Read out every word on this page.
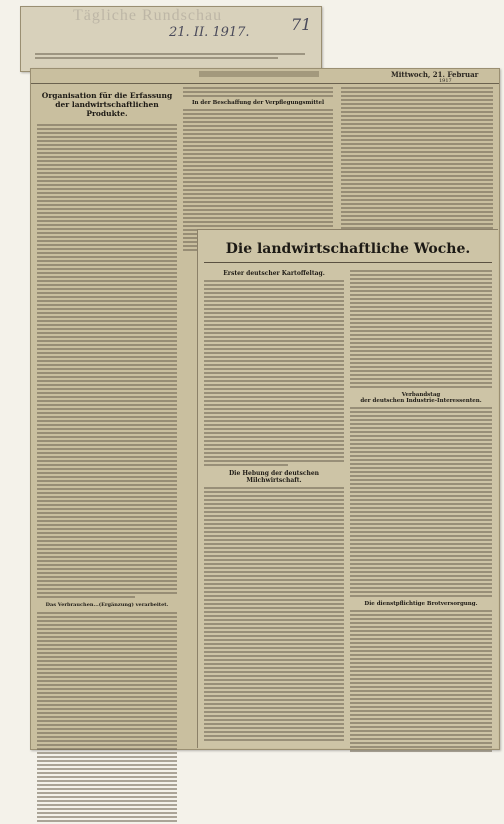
Tägliche Rundschau
21. II. 1917.	71
Mittwoch, 21. Februar
1917
Organisation für die Erfassung
der landwirtschaftlichen Produkte.
Das Verbrauchen...(Ergänzung) verarbeitet.
In der Beschaffung der Verpflegungsmittel
Die landwirtschaftliche Woche.
Erster deutscher Kartoffeltag.
Die Hebung der deutschen Milchwirtschaft.
Verbandstag
der deutschen Industrie-Interessenten.
Die dienstpflichtige Brotversorgung.
